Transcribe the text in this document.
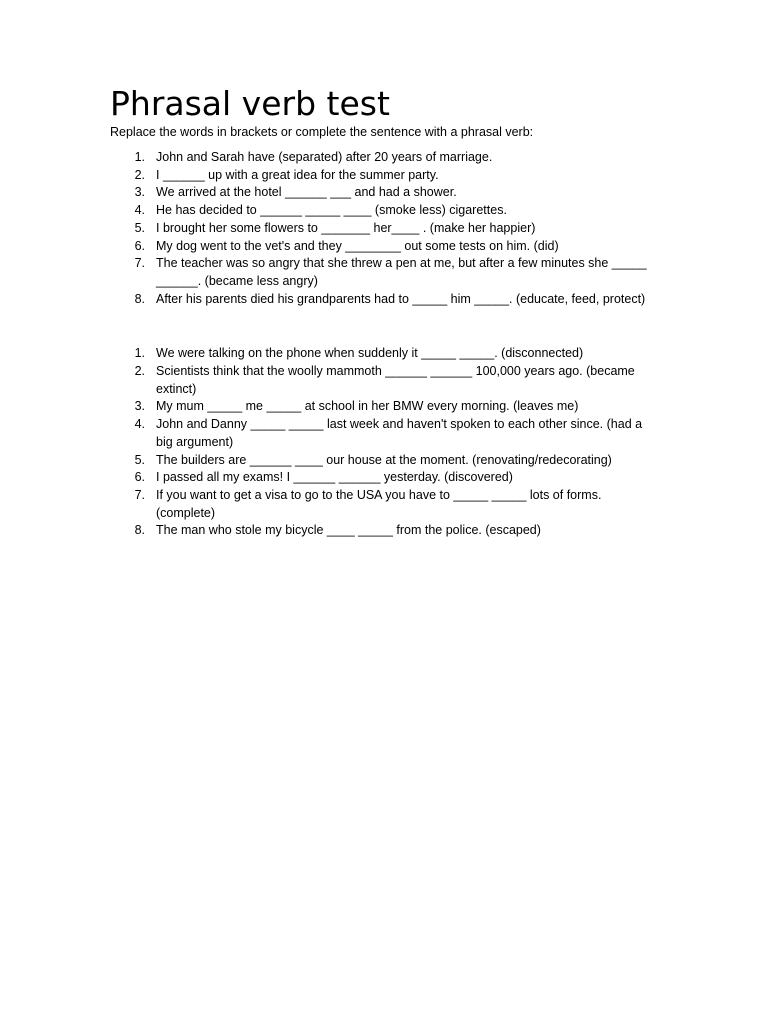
Phrasal verb test

Replace the words in brackets or complete the sentence with a phrasal verb:

1. John and Sarah have (separated) after 20 years of marriage.
2. I ______ up with a great idea for the summer party.
3. We arrived at the hotel ______ ___ and had a shower.
4. He has decided to ______ _____ ____ (smoke less) cigarettes.
5. I brought her some flowers to _______ her____ . (make her happier)
6. My dog went to the vet's and they ________ out some tests on him. (did)
7. The teacher was so angry that she threw a pen at me, but after a few minutes she _____ ______. (became less angry)
8. After his parents died his grandparents had to _____ him _____. (educate, feed, protect)
1. We were talking on the phone when suddenly it _____ _____. (disconnected)
2. Scientists think that the woolly mammoth ______ ______ 100,000 years ago. (became extinct)
3. My mum _____ me _____ at school in her BMW every morning. (leaves me)
4. John and Danny _____ _____ last week and haven't spoken to each other since. (had a big argument)
5. The builders are ______ ____ our house at the moment. (renovating/redecorating)
6. I passed all my exams! I ______ ______ yesterday. (discovered)
7. If you want to get a visa to go to the USA you have to _____ _____ lots of forms. (complete)
8. The man who stole my bicycle ____ _____ from the police. (escaped)
